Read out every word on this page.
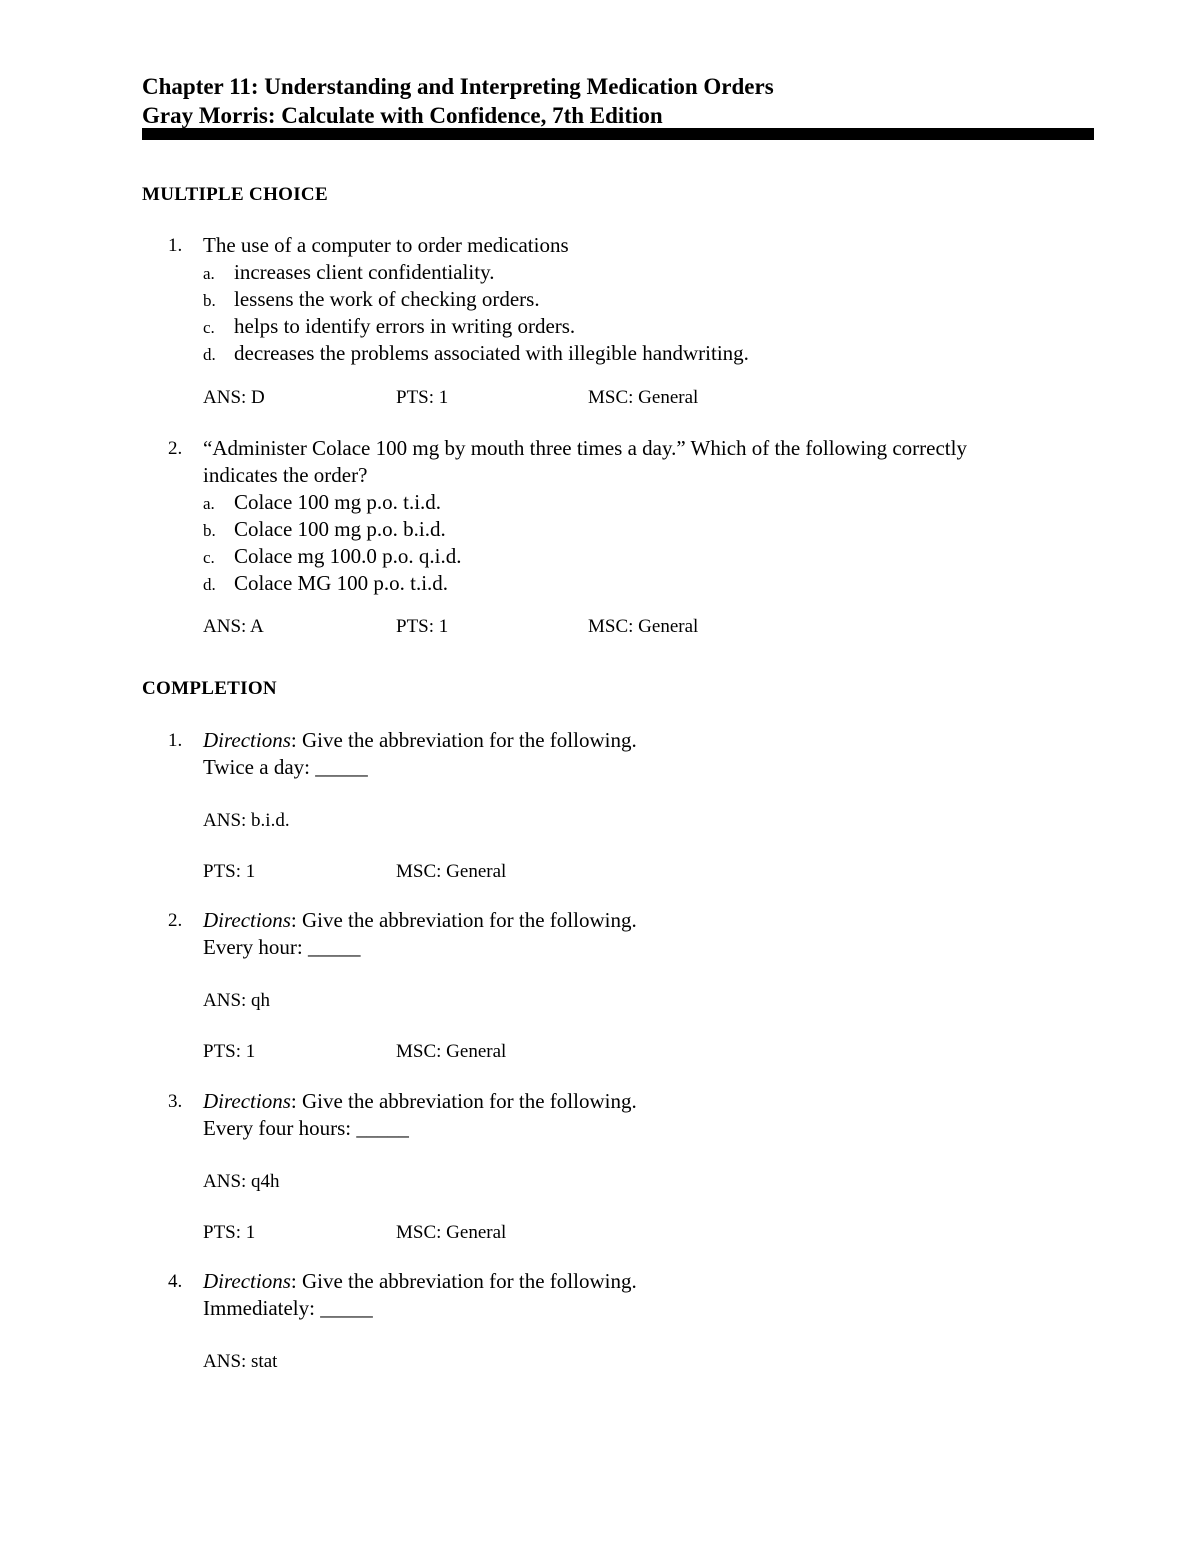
Chapter 11: Understanding and Interpreting Medication Orders
Gray Morris: Calculate with Confidence, 7th Edition
MULTIPLE CHOICE
1. The use of a computer to order medications
a. increases client confidentiality.
b. lessens the work of checking orders.
c. helps to identify errors in writing orders.
d. decreases the problems associated with illegible handwriting.
ANS: D	PTS: 1	MSC: General
2. “Administer Colace 100 mg by mouth three times a day.” Which of the following correctly
indicates the order?
a. Colace 100 mg p.o. t.i.d.
b. Colace 100 mg p.o. b.i.d.
c. Colace mg 100.0 p.o. q.i.d.
d. Colace MG 100 p.o. t.i.d.
ANS: A	PTS: 1	MSC: General
COMPLETION
1. Directions: Give the abbreviation for the following.
Twice a day: _____
ANS: b.i.d.
PTS: 1	MSC: General
2. Directions: Give the abbreviation for the following.
Every hour: _____
ANS: qh
PTS: 1	MSC: General
3. Directions: Give the abbreviation for the following.
Every four hours: _____
ANS: q4h
PTS: 1	MSC: General
4. Directions: Give the abbreviation for the following.
Immediately: _____
ANS: stat
